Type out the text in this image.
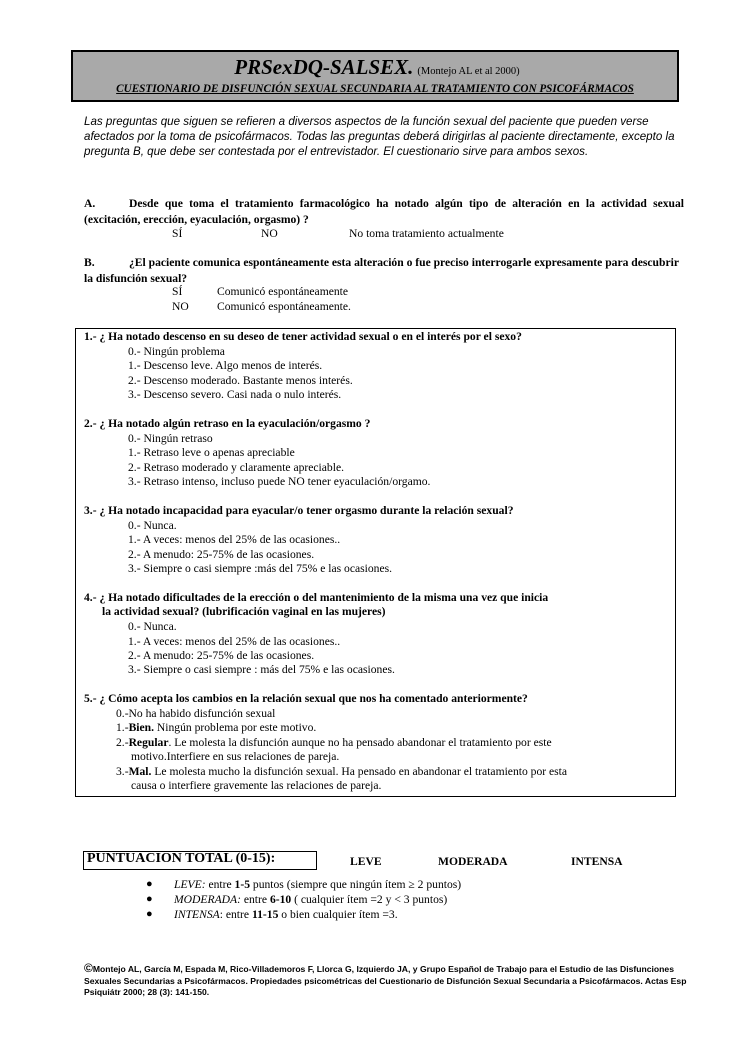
PRSexDQ-SALSEX. (Montejo AL et al 2000)
CUESTIONARIO DE DISFUNCIÓN SEXUAL SECUNDARIA AL TRATAMIENTO CON PSICOFÁRMACOS
Las preguntas que siguen se refieren a diversos aspectos de la función sexual del paciente que pueden verse afectados por la toma de psicofármacos. Todas las preguntas deberá dirigirlas al paciente directamente, excepto la pregunta B, que debe ser contestada por el entrevistador. El cuestionario sirve para ambos sexos.
A.	Desde que toma el tratamiento farmacológico ha notado algún tipo de alteración en la actividad sexual (excitación, erección, eyaculación, orgasmo) ?
SÍ	NO	No toma tratamiento actualmente
B.	¿El paciente comunica espontáneamente esta alteración o fue preciso interrogarle expresamente para descubrir la disfunción sexual?
SÍ	Comunicó espontáneamente
NO Comunicó espontáneamente.
1.- ¿ Ha notado descenso en su deseo de tener actividad sexual o en el interés por el sexo?
0.- Ningún problema
1.- Descenso leve. Algo menos de interés.
2.- Descenso moderado. Bastante menos interés.
3.- Descenso severo. Casi nada o nulo interés.
2.- ¿ Ha notado algún retraso en la eyaculación/orgasmo ?
0.- Ningún retraso
1.- Retraso leve o apenas apreciable
2.- Retraso moderado y claramente apreciable.
3.- Retraso intenso, incluso puede NO tener eyaculación/orgamo.
3.- ¿ Ha notado incapacidad para eyacular/o tener orgasmo durante la relación sexual?
0.- Nunca.
1.- A veces: menos del 25% de las ocasiones..
2.- A menudo: 25-75% de las ocasiones.
3.- Siempre o casi siempre :más del 75% e las ocasiones.
4.- ¿ Ha notado dificultades de la erección o del mantenimiento de la misma una vez que inicia
la actividad sexual? (lubrificación vaginal en las mujeres)
0.- Nunca.
1.- A veces: menos del 25% de las ocasiones..
2.- A menudo: 25-75% de las ocasiones.
3.- Siempre o casi siempre : más del 75% e las ocasiones.
5.- ¿ Cómo acepta los cambios en la relación sexual que nos ha comentado anteriormente?
0.-No ha habido disfunción sexual
1.-Bien. Ningún problema por este motivo.
2.-Regular. Le molesta la disfunción aunque no ha pensado abandonar el tratamiento por este
motivo.Interfiere en sus relaciones de pareja.
3.-Mal. Le molesta mucho la disfunción sexual. Ha pensado en abandonar el tratamiento por esta
causa o interfiere gravemente las relaciones de pareja.
PUNTUACION TOTAL (0-15):	LEVE	MODERADA	INTENSA
● LEVE: entre 1-5 puntos (siempre que ningún ítem ≥ 2 puntos)
● MODERADA: entre 6-10 ( cualquier ítem =2 y < 3 puntos)
● INTENSA: entre 11-15 o bien cualquier ítem =3.
©Montejo AL, García M, Espada M, Rico-Villademoros F, Llorca G, Izquierdo JA, y Grupo Español de Trabajo para el Estudio de las Disfunciones Sexuales Secundarias a Psicofármacos. Propiedades psicométricas del Cuestionario de Disfunción Sexual Secundaria a Psicofármacos. Actas Esp Psiquiátr 2000; 28 (3): 141-150.
